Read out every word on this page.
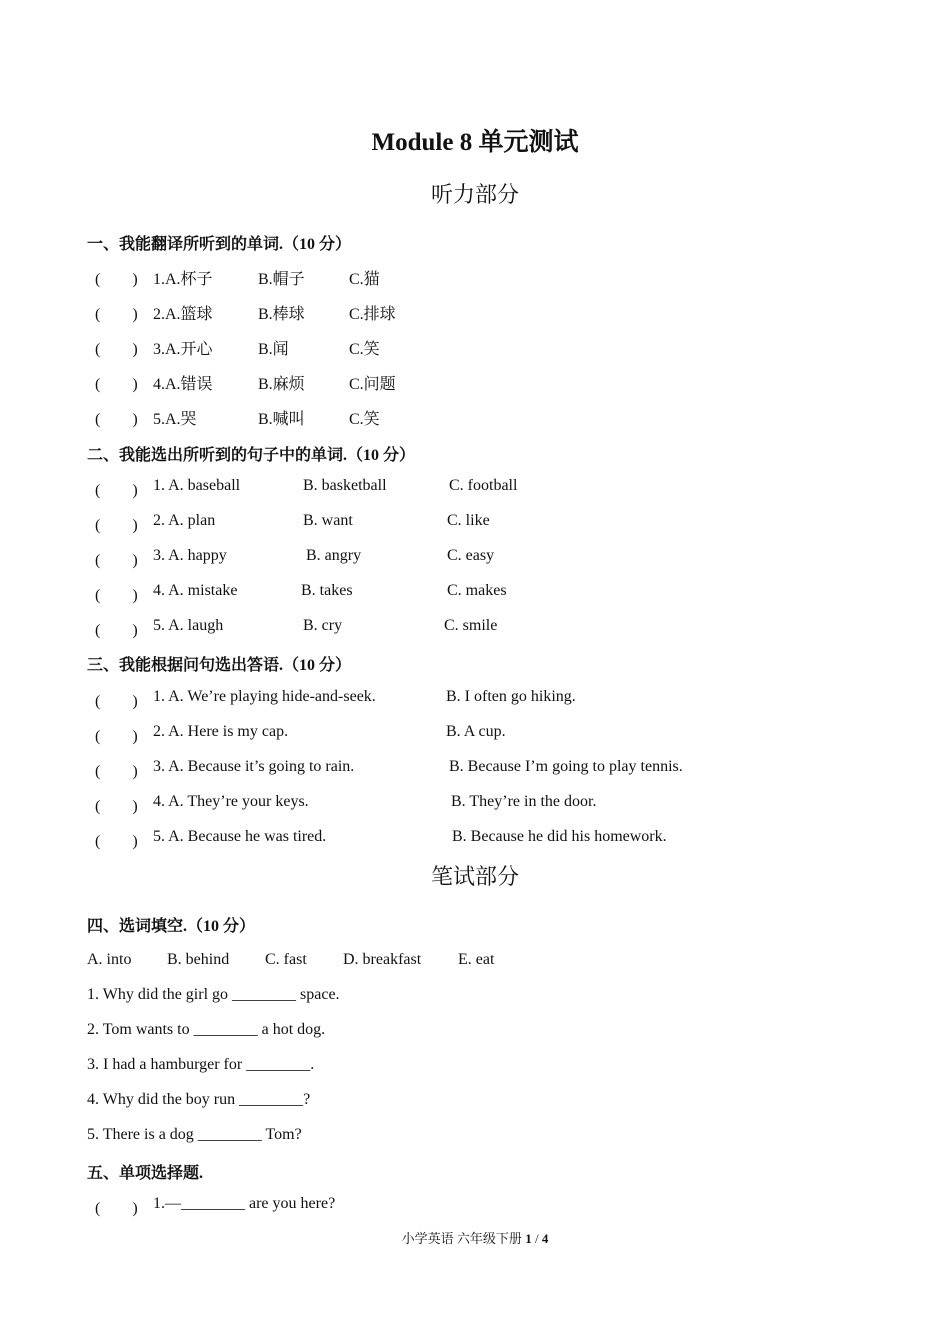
Module 8 单元测试
听力部分
一、我能翻译所听到的单词.（10 分）
(　　) 1.A.杯子	B.帽子	C.猫
(　　) 2.A.篮球	B.棒球	C.排球
(　　) 3.A.开心	B.闻	C.笑
(　　) 4.A.错误	B.麻烦	C.问题
(　　) 5.A.哭	B.喊叫	C.笑
二、我能选出所听到的句子中的单词.（10 分）
(　　) 1. A. baseball	B. basketball	C. football
(　　) 2. A. plan	B. want	C. like
(　　) 3. A. happy	B. angry	C. easy
(　　) 4. A. mistake	B. takes	C. makes
(　　) 5. A. laugh	B. cry	C. smile
三、我能根据问句选出答语.（10 分）
(　　) 1. A. We’re playing hide-and-seek.	B. I often go hiking.
(　　) 2. A. Here is my cap.	B. A cup.
(　　) 3. A. Because it’s going to rain.	B. Because I’m going to play tennis.
(　　) 4. A. They’re your keys.	B. They’re in the door.
(　　) 5. A. Because he was tired.	B. Because he did his homework.
笔试部分
四、选词填空.（10 分）
A. into B. behind C. fast D. breakfast E. eat
1. Why did the girl go ________ space.
2. Tom wants to ________ a hot dog.
3. I had a hamburger for ________.
4. Why did the boy run ________?
5. There is a dog ________ Tom?
五、单项选择题.
(　　) 1.—________ are you here?
小学英语 六年级下册 1 / 4
